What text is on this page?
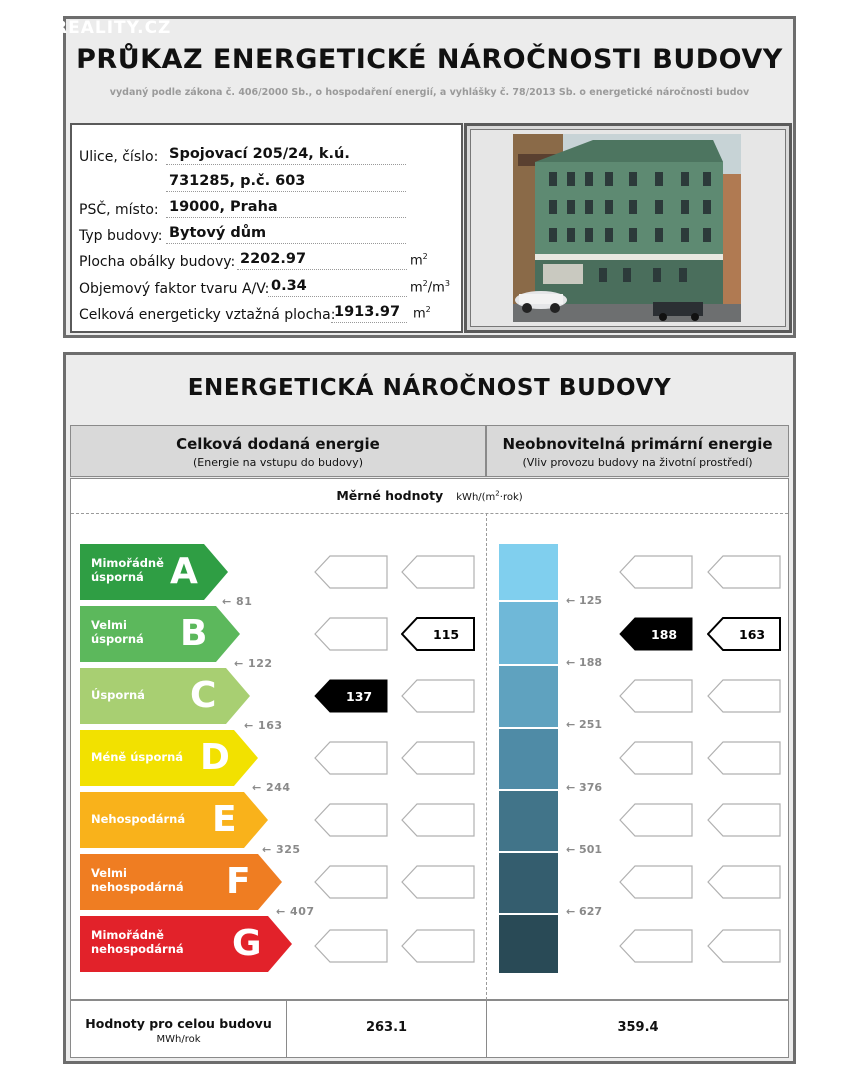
REALITY.CZ
PRŮKAZ ENERGETICKÉ NÁROČNOSTI BUDOVY
vydaný podle zákona č. 406/2000 Sb., o hospodaření energií, a vyhlášky č. 78/2013 Sb. o energetické náročnosti budov
Ulice, číslo: Spojovací 205/24, k.ú.
731285, p.č. 603
PSČ, místo: 19000, Praha
Typ budovy: Bytový dům
Plocha obálky budovy: 2202.97	$m^2$
Objemový faktor tvaru A/V: 0.34	$m^2/m^3$
Celková energeticky vztažná plocha:
1913.97 $m^2$
ENERGETICKÁ NÁROČNOST BUDOVY
Celková dodaná energie
(Energie na vstupu do budovy)
Neobnovitelná primární energie
(Vliv provozu budovy na životní prostředí)
Měrné hodnoty kWh/$(m^2\cdot rok)$
Mimořádně
úsporná A
← 81
Velmi
úsporná B
← 122
Úsporná C
← 163
Méně úsporná D
← 244
Nehospodárná E
← 325
Velmi
nehospodárná F
← 407
Mimořádně
nehospodárná G
← 125
← 188
← 251
← 376
← 501
← 627
115	188	163
137
Hodnoty pro celou budovu
MWh/rok
263.1	359.4
